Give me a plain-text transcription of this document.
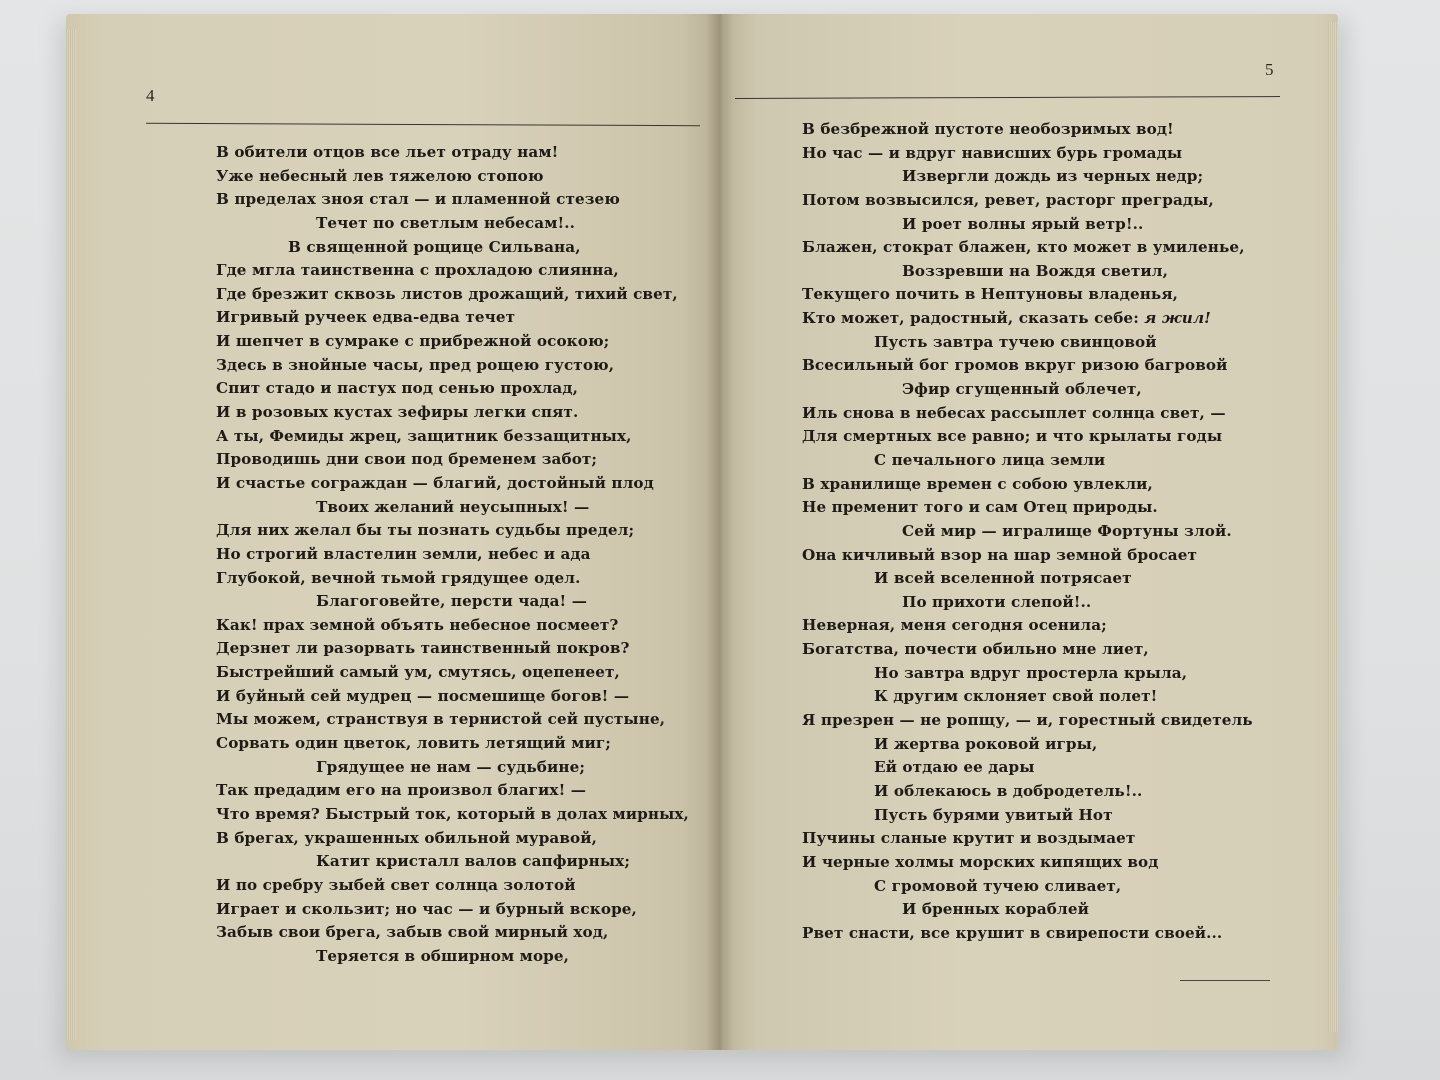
4
5
В обители отцов все льет отраду нам!
Уже небесный лев тяжелою стопою
В пределах зноя стал — и пламенной стезею
Течет по светлым небесам!..
В священной рощице Сильвана,
Где мгла таинственна с прохладою слиянна,
Где брезжит сквозь листов дрожащий, тихий свет,
Игривый ручеек едва-едва течет
И шепчет в сумраке с прибрежной осокою;
Здесь в знойные часы, пред рощею густою,
Спит стадо и пастух под сенью прохлад,
И в розовых кустах зефиры легки спят.
А ты, Фемиды жрец, защитник беззащитных,
Проводишь дни свои под бременем забот;
И счастье сограждан — благий, достойный плод
Твоих желаний неусыпных! —
Для них желал бы ты познать судьбы предел;
Но строгий властелин земли, небес и ада
Глубокой, вечной тьмой грядущее одел.
Благоговейте, персти чада! —
Как! прах земной объять небесное посмеет?
Дерзнет ли разорвать таинственный покров?
Быстрейший самый ум, смутясь, оцепенеет,
И буйный сей мудрец — посмешище богов! —
Мы можем, странствуя в тернистой сей пустыне,
Сорвать один цветок, ловить летящий миг;
Грядущее не нам — судьбине;
Так предадим его на произвол благих! —
Что время? Быстрый ток, который в долах мирных,
В брегах, украшенных обильной муравой,
Катит кристалл валов сапфирных;
И по сребру зыбей свет солнца золотой
Играет и скользит; но час — и бурный вскоре,
Забыв свои брега, забыв свой мирный ход,
Теряется в обширном море,
В безбрежной пустоте необозримых вод!
Но час — и вдруг нависших бурь громады
Извергли дождь из черных недр;
Потом возвысился, ревет, расторг преграды,
И роет волны ярый ветр!..
Блажен, стократ блажен, кто может в умиленье,
Воззревши на Вождя светил,
Текущего почить в Нептуновы владенья,
Кто может, радостный, сказать себе: я жил!
Пусть завтра тучею свинцовой
Всесильный бог громов вкруг ризою багровой
Эфир сгущенный облечет,
Иль снова в небесах рассыплет солнца свет, —
Для смертных все равно; и что крылаты годы
С печального лица земли
В хранилище времен с собою увлекли,
Не пременит того и сам Отец природы.
Сей мир — игралище Фортуны злой.
Она кичливый взор на шар земной бросает
И всей вселенной потрясает
По прихоти слепой!..
Неверная, меня сегодня осенила;
Богатства, почести обильно мне лиет,
Но завтра вдруг простерла крыла,
К другим склоняет свой полет!
Я презрен — не ропщу, — и, горестный свидетель
И жертва роковой игры,
Ей отдаю ее дары
И облекаюсь в добродетель!..
Пусть бурями увитый Нот
Пучины сланые крутит и воздымает
И черные холмы морских кипящих вод
С громовой тучею сливает,
И бренных кораблей
Рвет снасти, все крушит в свирепости своей...
